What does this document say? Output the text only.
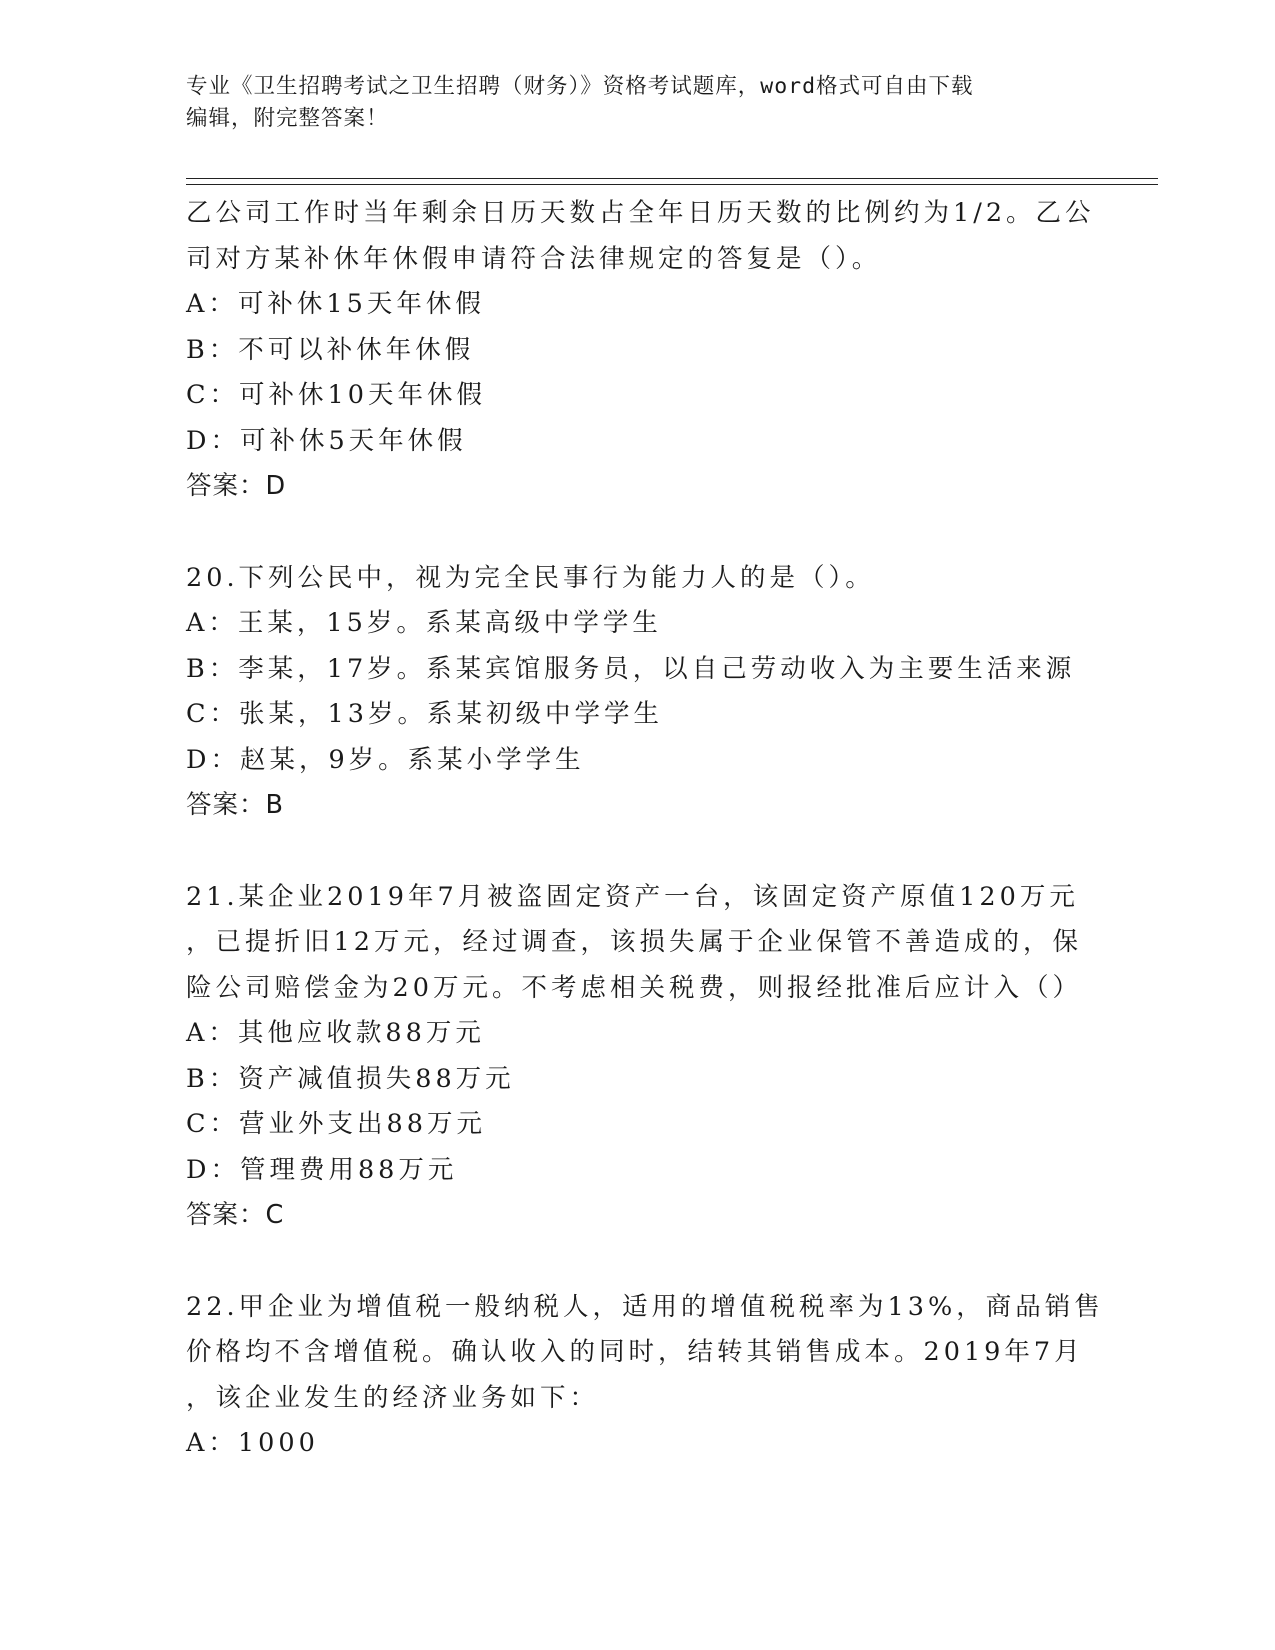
专业《卫生招聘考试之卫生招聘（财务）》资格考试题库，word格式可自由下载
编辑，附完整答案！
乙公司工作时当年剩余日历天数占全年日历天数的比例约为1/2。乙公
司对方某补休年休假申请符合法律规定的答复是（）。
A：可补休15天年休假
B：不可以补休年休假
C：可补休10天年休假
D：可补休5天年休假
答案：D
20.下列公民中，视为完全民事行为能力人的是（）。
A：王某，15岁。系某高级中学学生
B：李某，17岁。系某宾馆服务员，以自己劳动收入为主要生活来源
C：张某，13岁。系某初级中学学生
D：赵某，9岁。系某小学学生
答案：B
21.某企业2019年7月被盗固定资产一台，该固定资产原值120万元
，已提折旧12万元，经过调查，该损失属于企业保管不善造成的，保
险公司赔偿金为20万元。不考虑相关税费，则报经批准后应计入（）
A：其他应收款88万元
B：资产减值损失88万元
C：营业外支出88万元
D：管理费用88万元
答案：C
22.甲企业为增值税一般纳税人，适用的增值税税率为13%，商品销售
价格均不含增值税。确认收入的同时，结转其销售成本。2019年7月
，该企业发生的经济业务如下：
A：1000
